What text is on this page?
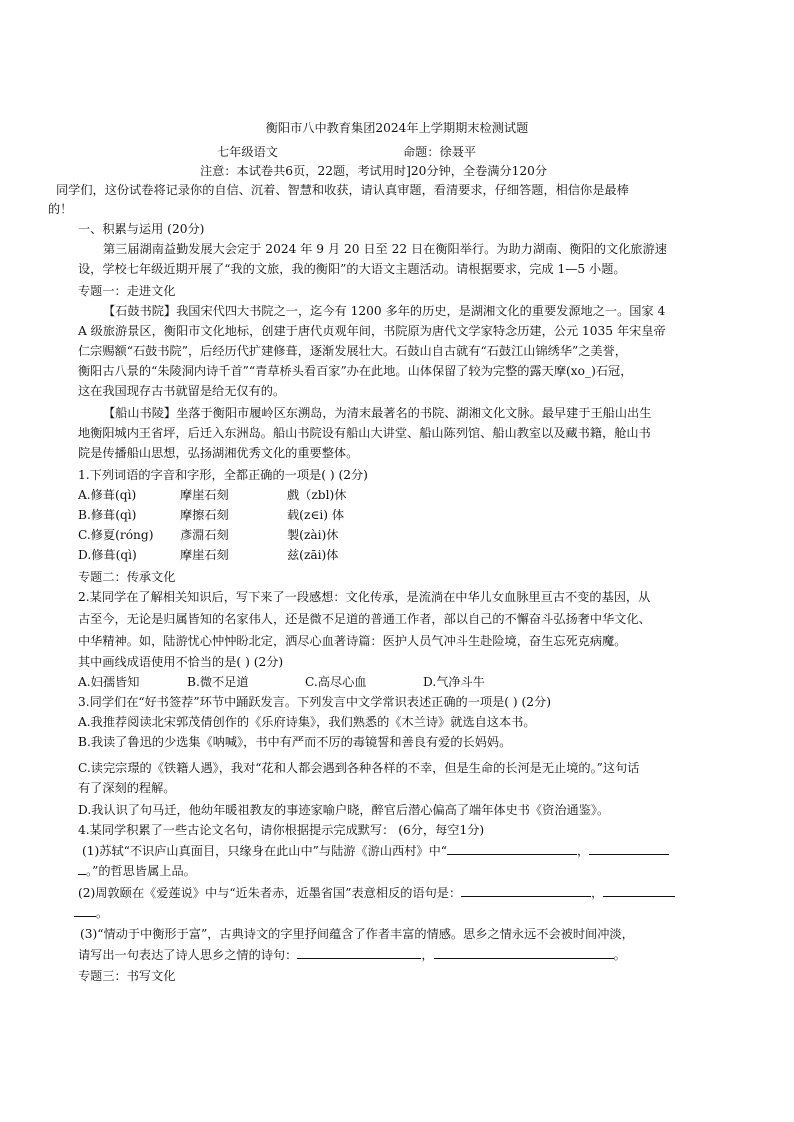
衡阳市八中教育集团2024年上学期期末检测试题
七年级语文	命题：徐聂平
注意：本试卷共6页，22题，考试用时]20分钟，全卷满分120分
同学们，这份试卷将记录你的自信、沉着、智慧和收获，请认真审题，看清要求，仔细答题，相信你是最棒
的！
一、积累与运用 (20分)
第三届湖南益勤发展大会定于 2024 年 9 月 20 日至 22 日在衡阳举行。为助力湖南、衡阳的文化旅游速
设，学校七年级近期开展了“我的文旅，我的衡阳”的大语文主题活动。请根据要求，完成 1—5 小题。
专题一：走进文化
【石鼓书院】我国宋代四大书院之一，迄今有 1200 多年的历史，是湖湘文化的重要发源地之一。国家 4
A 级旅游景区，衡阳市文化地标，创建于唐代贞观年间，书院原为唐代文学家特念历建，公元 1035 年宋皇帝
仁宗赐额“石鼓书院”，后经历代扩建修葺，逐渐发展壮大。石鼓山自古就有“石鼓江山锦绣华”之美誉，
衡阳古八景的“朱陵洞内诗千首”“青草桥头看百家”办在此地。山体保留了较为完整的露天摩(xo_)石冠，
这在我国现存古书就留是给无仅有的。
【船山书陵】坐落于衡阳市履岭区东溯岛，为清末最著名的书院、湖湘文化文脉。最早建于王船山出生
地衡阳城内王省坪，后迁入东洲岛。船山书院设有船山大讲堂、船山陈列馆、船山教室以及藏书籍，舱山书
院是传播船山思想，弘扬湖湘优秀文化的重要整体。
1.下列词语的字音和字形，全都正确的一项是( ) (2分)
A.修葺(qì)	摩崖石刻	戲（zbl)休
B.修葺(qì)	摩擦石刻	载(z∈i) 体
C.修夏(róng) 彥淵石刻	製(zài)休
D.修葺(qì)	摩崖石刻	兹(zāi)体
专题二：传承文化
2.某同学在了解相关知识后，写下来了一段感想：文化传承，是流淌在中华儿女血脉里亘古不变的基因，从
古至今，无论是归属皆知的名家伟人，还是微不足道的普通工作者，部以自己的不懈奋斗弘扬奢中华文化、
中华精神。如，陆游忧心忡忡盼北定，洒尽心血著诗篇：医护人员气冲斗生赴险境，奋生忘死克病魔。
其中画线成语使用不恰当的是( ) (2分)
A.妇孺皆知	B.微不足道	C.高尽心血	D.气净斗牛
3.同学们在“好书签荐”环节中踊跃发言。下列发言中文学常识表述正确的一项是( ) (2分)
A.我推荐阅读北宋郭茂倩创作的《乐府诗集》，我们熟悉的《木兰诗》就选自这本书。
B.我读了鲁迅的少选集《呐喊》，书中有严而不厉的毒镜誓和善良有爱的长妈妈。
C.读完宗璟的《铁籍人遇》，我对“花和人都会遇到各种各样的不幸，但是生命的长河是无止境的。”这句话
有了深刻的程解。
D.我认识了句马迁，他幼年暖祖教友的事迹家喻户晓，醉官后潜心偏高了端年体史书《资治通鉴》。
4.某同学积累了一些古论文名句，请你根据提示完成默写： (6分，每空1分)
(1)苏轼“不识庐山真面目，只缘身在此山中”与陆游《游山西村》中“	，
。”的哲思皆属上品。
(2)周敦颐在《爱莲说》中与“近朱者赤，近墨省国”表意相反的语句是：	，
。
(3)“情动于中衡形于富”，古典诗文的字里抒间蕴含了作者丰富的情感。思乡之情永远不会被时间冲淡，
请写出一句表达了诗人思乡之情的诗句：	，	。
专题三：书写文化
